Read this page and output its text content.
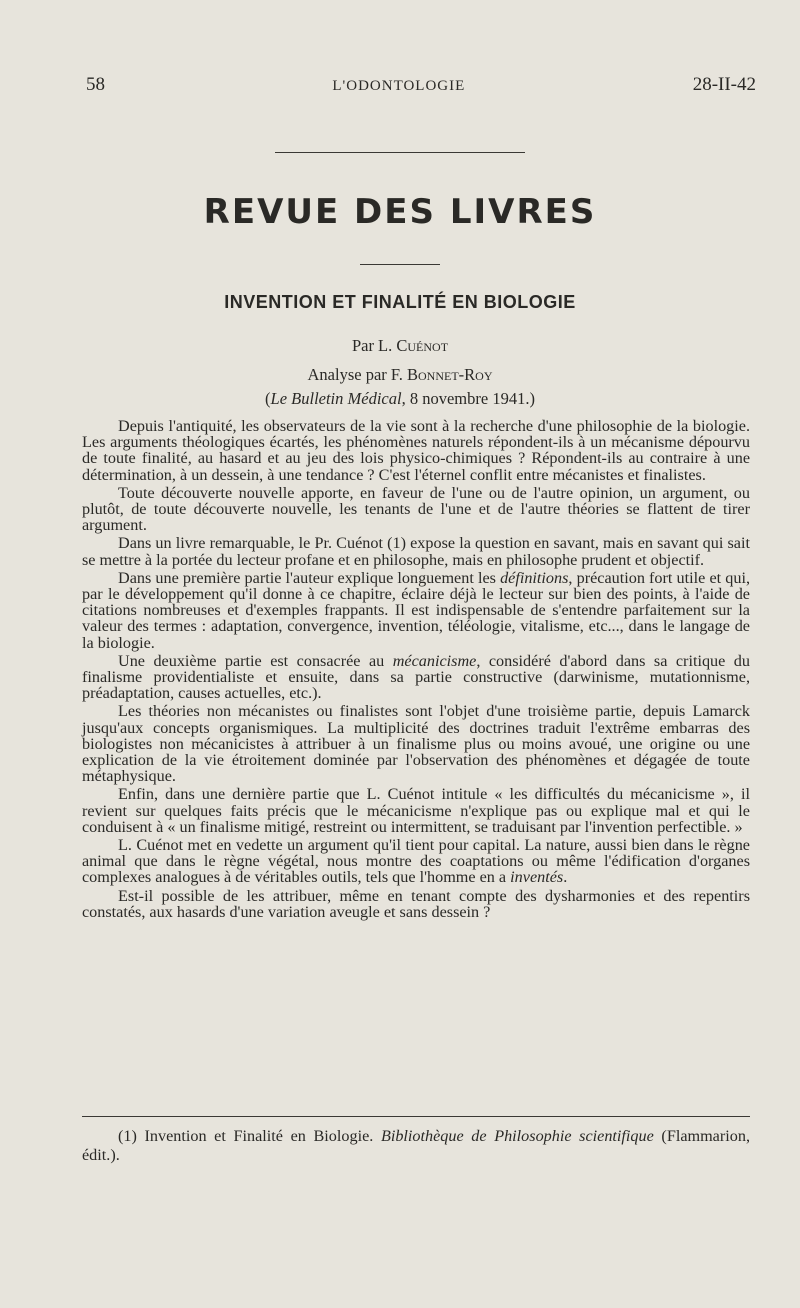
58	L'ODONTOLOGIE	28-II-42
REVUE DES LIVRES
INVENTION ET FINALITÉ EN BIOLOGIE
Par L. Cuénot
Analyse par F. Bonnet-Roy
(Le Bulletin Médical, 8 novembre 1941.)

Depuis l'antiquité, les observateurs de la vie sont à la recherche d'une philosophie de la biologie. Les arguments théologiques écartés, les phénomènes naturels répondent-ils à un mécanisme dépourvu de toute finalité, au hasard et au jeu des lois physico-chimiques ? Répondent-ils au contraire à une détermination, à un dessein, à une tendance ? C'est l'éternel conflit entre mécanistes et finalistes.

Toute découverte nouvelle apporte, en faveur de l'une ou de l'autre opinion, un argument, ou plutôt, de toute découverte nouvelle, les tenants de l'une et de l'autre théories se flattent de tirer argument.

Dans un livre remarquable, le Pr. Cuénot (1) expose la question en savant, mais en savant qui sait se mettre à la portée du lecteur profane et en philosophe, mais en philosophe prudent et objectif.

Dans une première partie l'auteur explique longuement les définitions, précaution fort utile et qui, par le développement qu'il donne à ce chapitre, éclaire déjà le lecteur sur bien des points, à l'aide de citations nombreuses et d'exemples frappants. Il est indispensable de s'entendre parfaitement sur la valeur des termes : adaptation, convergence, invention, téléologie, vitalisme, etc..., dans le langage de la biologie.

Une deuxième partie est consacrée au mécanicisme, considéré d'abord dans sa critique du finalisme providentialiste et ensuite, dans sa partie constructive (darwinisme, mutationnisme, préadaptation, causes actuelles, etc.).

Les théories non mécanistes ou finalistes sont l'objet d'une troisième partie, depuis Lamarck jusqu'aux concepts organismiques. La multiplicité des doctrines traduit l'extrême embarras des biologistes non mécanicistes à attribuer à un finalisme plus ou moins avoué, une origine ou une explication de la vie étroitement dominée par l'observation des phénomènes et dégagée de toute métaphysique.

Enfin, dans une dernière partie que L. Cuénot intitule « les difficultés du mécanicisme », il revient sur quelques faits précis que le mécanicisme n'explique pas ou explique mal et qui le conduisent à « un finalisme mitigé, restreint ou intermittent, se traduisant par l'invention perfectible. »

L. Cuénot met en vedette un argument qu'il tient pour capital. La nature, aussi bien dans le règne animal que dans le règne végétal, nous montre des coaptations ou même l'édification d'organes complexes analogues à de véritables outils, tels que l'homme en a inventés.

Est-il possible de les attribuer, même en tenant compte des dysharmonies et des repentirs constatés, aux hasards d'une variation aveugle et sans dessein ?

(1) Invention et Finalité en Biologie. Bibliothèque de Philosophie scientifique (Flammarion, édit.).
